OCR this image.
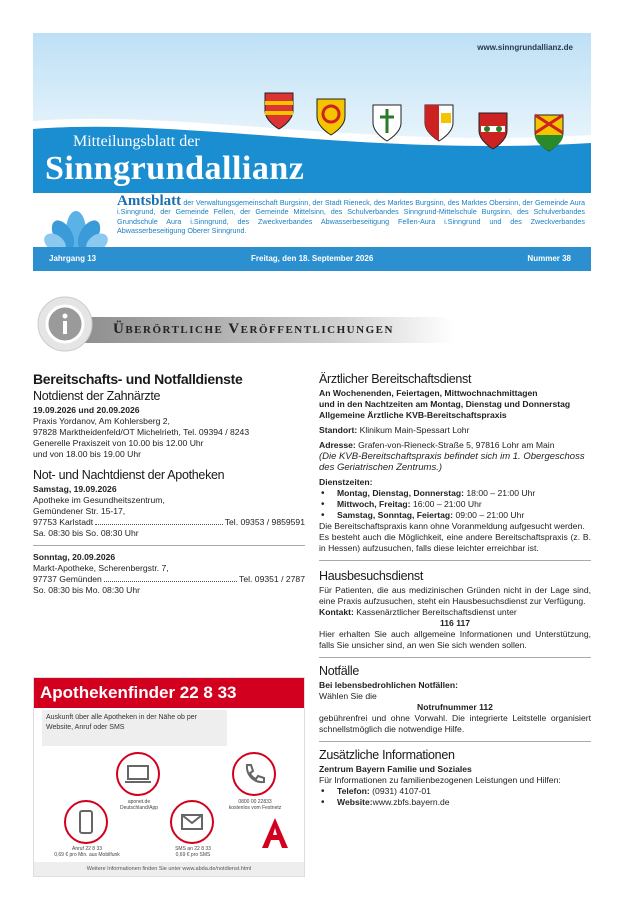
www.sinngrundallianz.de
Mitteilungsblatt der
Sinngrundallianz
Amtsblatt der Verwaltungsgemeinschaft Burgsinn, der Stadt Rieneck, des Marktes Burgsinn, des Marktes Obersinn, der Gemeinde Aura i.Sinngrund, der Gemeinde Fellen, der Gemeinde Mittelsinn, des Schulverbandes Sinngrund-Mittelschule Burgsinn, des Schulverbandes Grundschule Aura i.Sinngrund, des Zweckverbandes Abwasserbeseitigung Fellen-Aura i.Sinngrund und des Zweckverbandes Abwasserbeseitigung Oberer Sinngrund.
Jahrgang 13	Freitag, den 18. September 2026	Nummer 38
Überörtliche Veröffentlichungen
Bereitschafts- und Notfalldienste
Notdienst der Zahnärzte
19.09.2026 und 20.09.2026
Praxis Yordanov, Am Kohlersberg 2,
97828 Marktheidenfeld/OT Michelrieth, Tel. 09394 / 8243
Generelle Praxiszeit von 10.00 bis 12.00 Uhr
und von 18.00 bis 19.00 Uhr
Not- und Nachtdienst der Apotheken
Samstag, 19.09.2026
Apotheke im Gesundheitszentrum,
Gemündener Str. 15-17,
97753 Karlstadt	Tel. 09353 / 9859591
Sa. 08:30 bis So. 08:30 Uhr
Sonntag, 20.09.2026
Markt-Apotheke, Scherenbergstr. 7,
97737 Gemünden	Tel. 09351 / 2787
So. 08:30 bis Mo. 08:30 Uhr
Apothekenfinder 22 8 33
Auskunft über alle Apotheken in der Nähe ob per Website, Anruf oder SMS
aponet.de
Deutschland/App
0800 00 22833
kostenlos vom Festnetz
Anruf 22 8 33
0,69 € pro Min. aus Mobilfunk
SMS an 22 8 33
0,69 € pro SMS
Weitere Informationen finden Sie unter www.abda.de/notdienst.html
Ärztlicher Bereitschaftsdienst
An Wochenenden, Feiertagen, Mittwochnachmittagen
und in den Nachtzeiten am Montag, Dienstag und Donnerstag
Allgemeine Ärztliche KVB-Bereitschaftspraxis
Standort: Klinikum Main-Spessart Lohr
Adresse: Grafen-von-Rieneck-Straße 5, 97816 Lohr am Main
(Die KVB-Bereitschaftspraxis befindet sich im 1. Obergeschoss des Geriatrischen Zentrums.)
Dienstzeiten:
• Montag, Dienstag, Donnerstag: 18:00 – 21:00 Uhr
• Mittwoch, Freitag: 16:00 – 21:00 Uhr
• Samstag, Sonntag, Feiertag: 09:00 – 21:00 Uhr
Die Bereitschaftspraxis kann ohne Voranmeldung aufgesucht werden.
Es besteht auch die Möglichkeit, eine andere Bereitschaftspraxis (z. B. in Hessen) aufzusuchen, falls diese leichter erreichbar ist.
Hausbesuchsdienst
Für Patienten, die aus medizinischen Gründen nicht in der Lage sind, eine Praxis aufzusuchen, steht ein Hausbesuchsdienst zur Verfügung.
Kontakt: Kassenärztlicher Bereitschaftsdienst unter
116 117
Hier erhalten Sie auch allgemeine Informationen und Unterstützung, falls Sie unsicher sind, an wen Sie sich wenden sollen.
Notfälle
Bei lebensbedrohlichen Notfällen:
Wählen Sie die
Notrufnummer 112
gebührenfrei und ohne Vorwahl. Die integrierte Leitstelle organisiert schnellstmöglich die notwendige Hilfe.
Zusätzliche Informationen
Zentrum Bayern Familie und Soziales
Für Informationen zu familienbezogenen Leistungen und Hilfen:
• Telefon: (0931) 4107-01
• Website:www.zbfs.bayern.de
